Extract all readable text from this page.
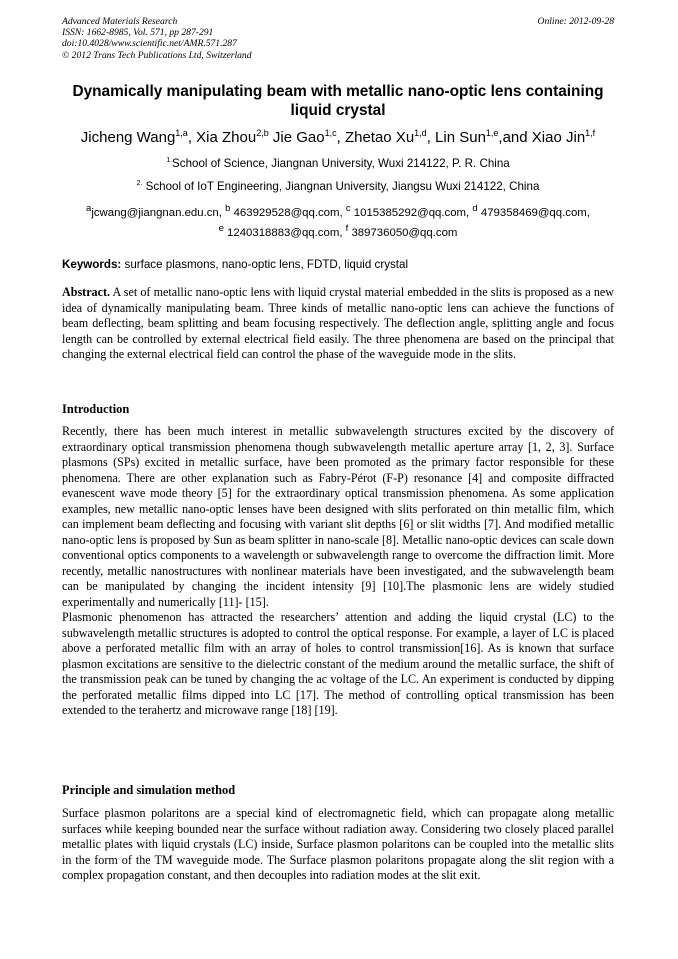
Advanced Materials Research
ISSN: 1662-8985, Vol. 571, pp 287-291
doi:10.4028/www.scientific.net/AMR.571.287
© 2012 Trans Tech Publications Ltd, Switzerland
Online: 2012-09-28
Dynamically manipulating beam with metallic nano-optic lens containing liquid crystal
Jicheng Wang$^{1,a}$, Xia Zhou$^{2,b}$ Jie Gao$^{1,c}$, Zhetao Xu$^{1,d}$, Lin Sun$^{1,e}$,and Xiao Jin$^{1,f}$
$^{1.}$School of Science, Jiangnan University, Wuxi 214122, P. R. China
$^{2.}$ School of IoT Engineering, Jiangnan University, Jiangsu Wuxi 214122, China
$^a$jcwang@jiangnan.edu.cn, $^b$ 463929528@qq.com, $^c$ 1015385292@qq.com, $^d$ 479358469@qq.com,
$^e$ 1240318883@qq.com, $^f$ 389736050@qq.com
Keywords: surface plasmons, nano-optic lens, FDTD, liquid crystal
Abstract. A set of metallic nano-optic lens with liquid crystal material embedded in the slits is proposed as a new idea of dynamically manipulating beam. Three kinds of metallic nano-optic lens can achieve the functions of beam deflecting, beam splitting and beam focusing respectively. The deflection angle, splitting angle and focus length can be controlled by external electrical field easily. The three phenomena are based on the principal that changing the external electrical field can control the phase of the waveguide mode in the slits.
Introduction

Recently, there has been much interest in metallic subwavelength structures excited by the discovery of extraordinary optical transmission phenomena though subwavelength metallic aperture array [1, 2, 3]. Surface plasmons (SPs) excited in metallic surface, have been promoted as the primary factor responsible for these phenomena. There are other explanation such as Fabry-Pérot (F-P) resonance [4] and composite diffracted evanescent wave mode theory [5] for the extraordinary optical transmission phenomena. As some application examples, new metallic nano-optic lenses have been designed with slits perforated on thin metallic film, which can implement beam deflecting and focusing with variant slit depths [6] or slit widths [7]. And modified metallic nano-optic lens is proposed by Sun as beam splitter in nano-scale [8]. Metallic nano-optic devices can scale down conventional optics components to a wavelength or subwavelength range to overcome the diffraction limit. More recently, metallic nanostructures with nonlinear materials have been investigated, and the subwavelength beam can be manipulated by changing the incident intensity [9] [10].The plasmonic lens are widely studied experimentally and numerically [11]- [15].

Plasmonic phenomenon has attracted the researchers’ attention and adding the liquid crystal (LC) to the subwavelength metallic structures is adopted to control the optical response. For example, a layer of LC is placed above a perforated metallic film with an array of holes to control transmission[16]. As is known that surface plasmon excitations are sensitive to the dielectric constant of the medium around the metallic surface, the shift of the transmission peak can be tuned by changing the ac voltage of the LC. An experiment is conducted by dipping the perforated metallic films dipped into LC [17]. The method of controlling optical transmission has been extended to the terahertz and microwave range [18] [19].

Principle and simulation method

Surface plasmon polaritons are a special kind of electromagnetic field, which can propagate along metallic surfaces while keeping bounded near the surface without radiation away. Considering two closely placed parallel metallic plates with liquid crystals (LC) inside, Surface plasmon polaritons can be coupled into the metallic slits in the form of the TM waveguide mode. The Surface plasmon polaritons propagate along the slit region with a complex propagation constant, and then decouples into radiation modes at the slit exit.
